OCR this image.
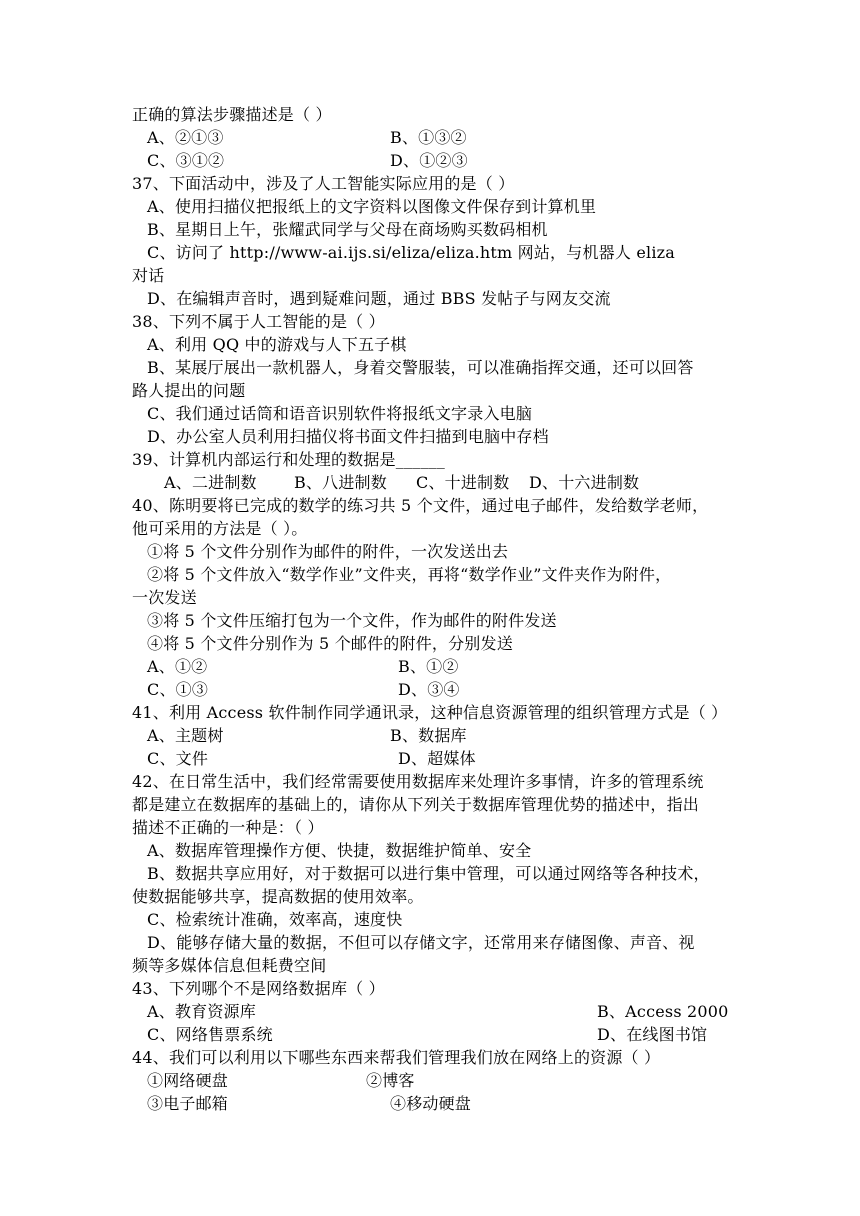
正确的算法步骤描述是（ ）
A、②①③	B、①③②
C、③①②	D、①②③
37、下面活动中，涉及了人工智能实际应用的是（ ）
A、使用扫描仪把报纸上的文字资料以图像文件保存到计算机里
B、星期日上午，张耀武同学与父母在商场购买数码相机
C、访问了 http://www-ai.ijs.si/eliza/eliza.htm 网站，与机器人 eliza
对话
D、在编辑声音时，遇到疑难问题，通过 BBS 发帖子与网友交流
38、下列不属于人工智能的是（ ）
A、利用 QQ 中的游戏与人下五子棋
B、某展厅展出一款机器人，身着交警服装，可以准确指挥交通，还可以回答
路人提出的问题
C、我们通过话筒和语音识别软件将报纸文字录入电脑
D、办公室人员利用扫描仪将书面文件扫描到电脑中存档
39、计算机内部运行和处理的数据是______
A、二进制数 B、八进制数 C、十进制数 D、十六进制数
40、陈明要将已完成的数学的练习共 5 个文件，通过电子邮件，发给数学老师，
他可采用的方法是（ ）。
①将 5 个文件分别作为邮件的附件，一次发送出去
②将 5 个文件放入“数学作业”文件夹，再将“数学作业”文件夹作为附件，
一次发送
③将 5 个文件压缩打包为一个文件，作为邮件的附件发送
④将 5 个文件分别作为 5 个邮件的附件，分别发送
A、①②	B、①②
C、①③	D、③④
41、利用 Access 软件制作同学通讯录，这种信息资源管理的组织管理方式是（ ）
A、主题树	B、数据库
C、文件	D、超媒体
42、在日常生活中，我们经常需要使用数据库来处理许多事情，许多的管理系统
都是建立在数据库的基础上的，请你从下列关于数据库管理优势的描述中，指出
描述不正确的一种是：（ ）
A、数据库管理操作方便、快捷，数据维护简单、安全
B、数据共享应用好，对于数据可以进行集中管理，可以通过网络等各种技术，
使数据能够共享，提高数据的使用效率。
C、检索统计准确，效率高，速度快
D、能够存储大量的数据，不但可以存储文字，还常用来存储图像、声音、视
频等多媒体信息但耗费空间
43、下列哪个不是网络数据库（ ）
A、教育资源库	B、Access 2000
C、网络售票系统	D、在线图书馆
44、我们可以利用以下哪些东西来帮我们管理我们放在网络上的资源（ ）
①网络硬盘	②博客
③电子邮箱	④移动硬盘
